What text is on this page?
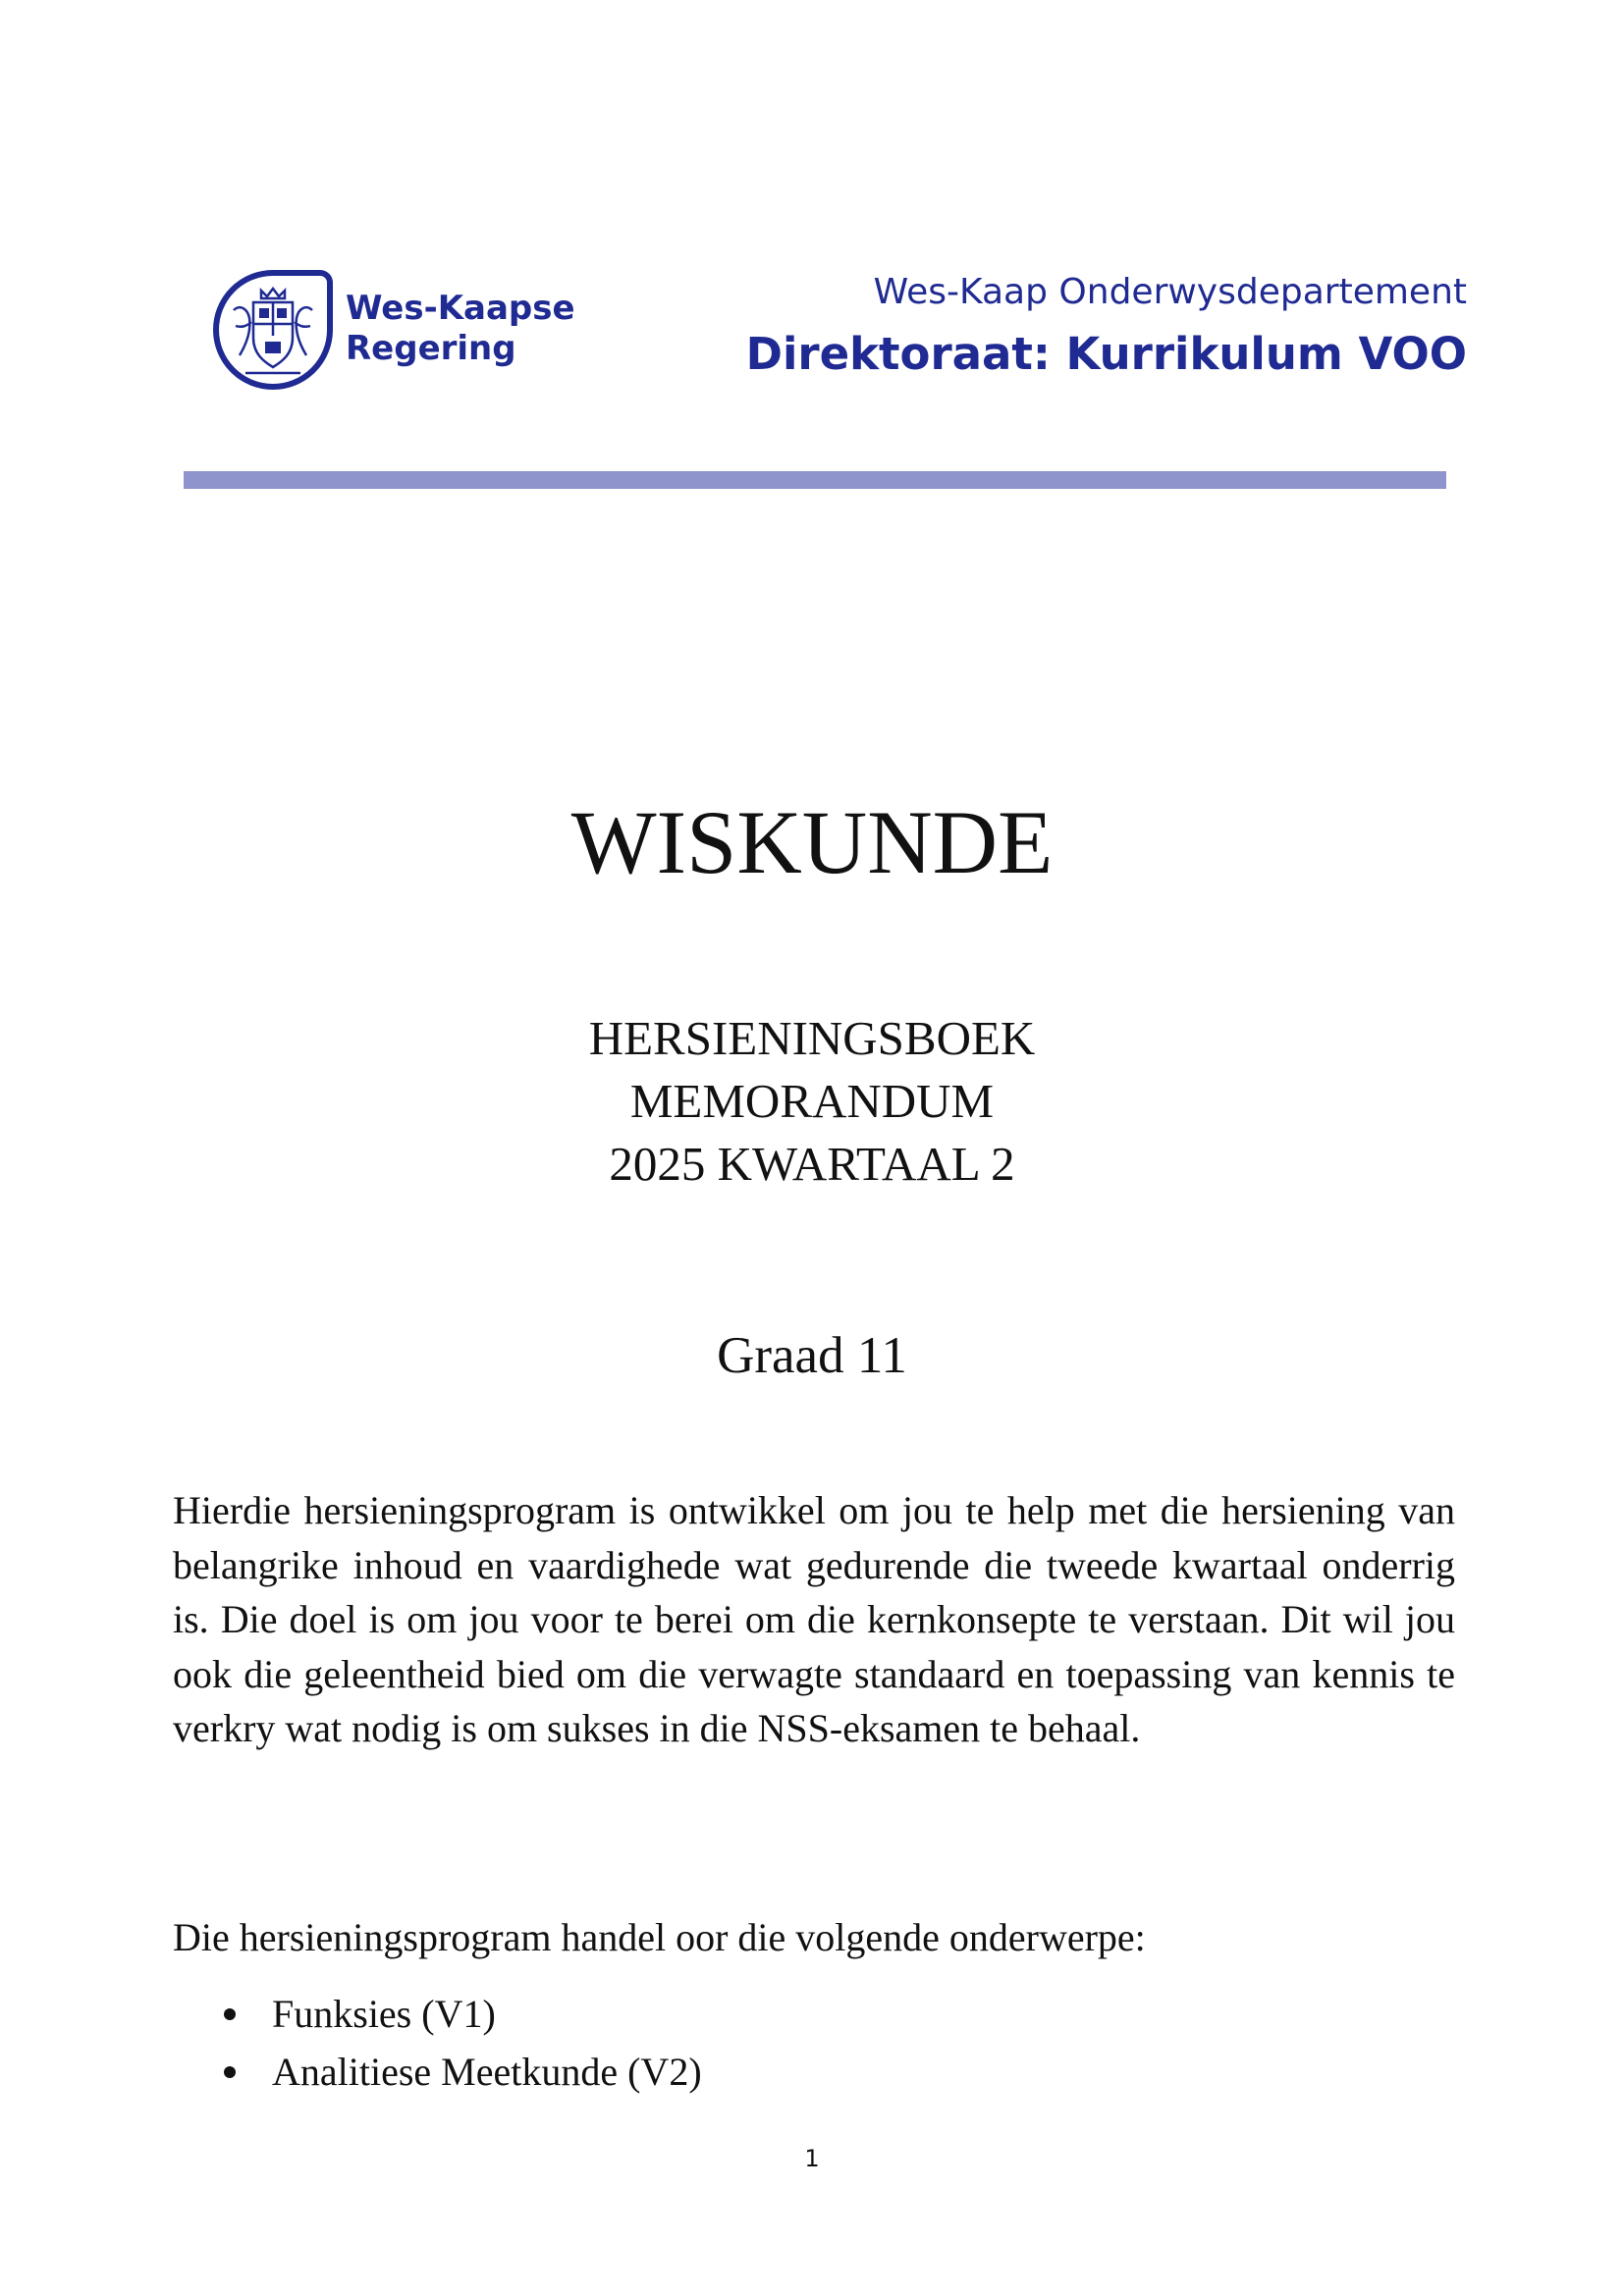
Wes-Kaapse
Regering
Wes-Kaap Onderwysdepartement
Direktoraat: Kurrikulum VOO
WISKUNDE
HERSIENINGSBOEK
MEMORANDUM
2025 KWARTAAL 2
Graad 11

Hierdie hersieningsprogram is ontwikkel om jou te help met die hersiening van belangrike inhoud en vaardighede wat gedurende die tweede kwartaal onderrig is. Die doel is om jou voor te berei om die kernkonsepte te verstaan. Dit wil jou ook die geleentheid bied om die verwagte standaard en toepassing van kennis te verkry wat nodig is om sukses in die NSS-eksamen te behaal.

Die hersieningsprogram handel oor die volgende onderwerpe:

Funksies (V1)
Analitiese Meetkunde (V2)
1
